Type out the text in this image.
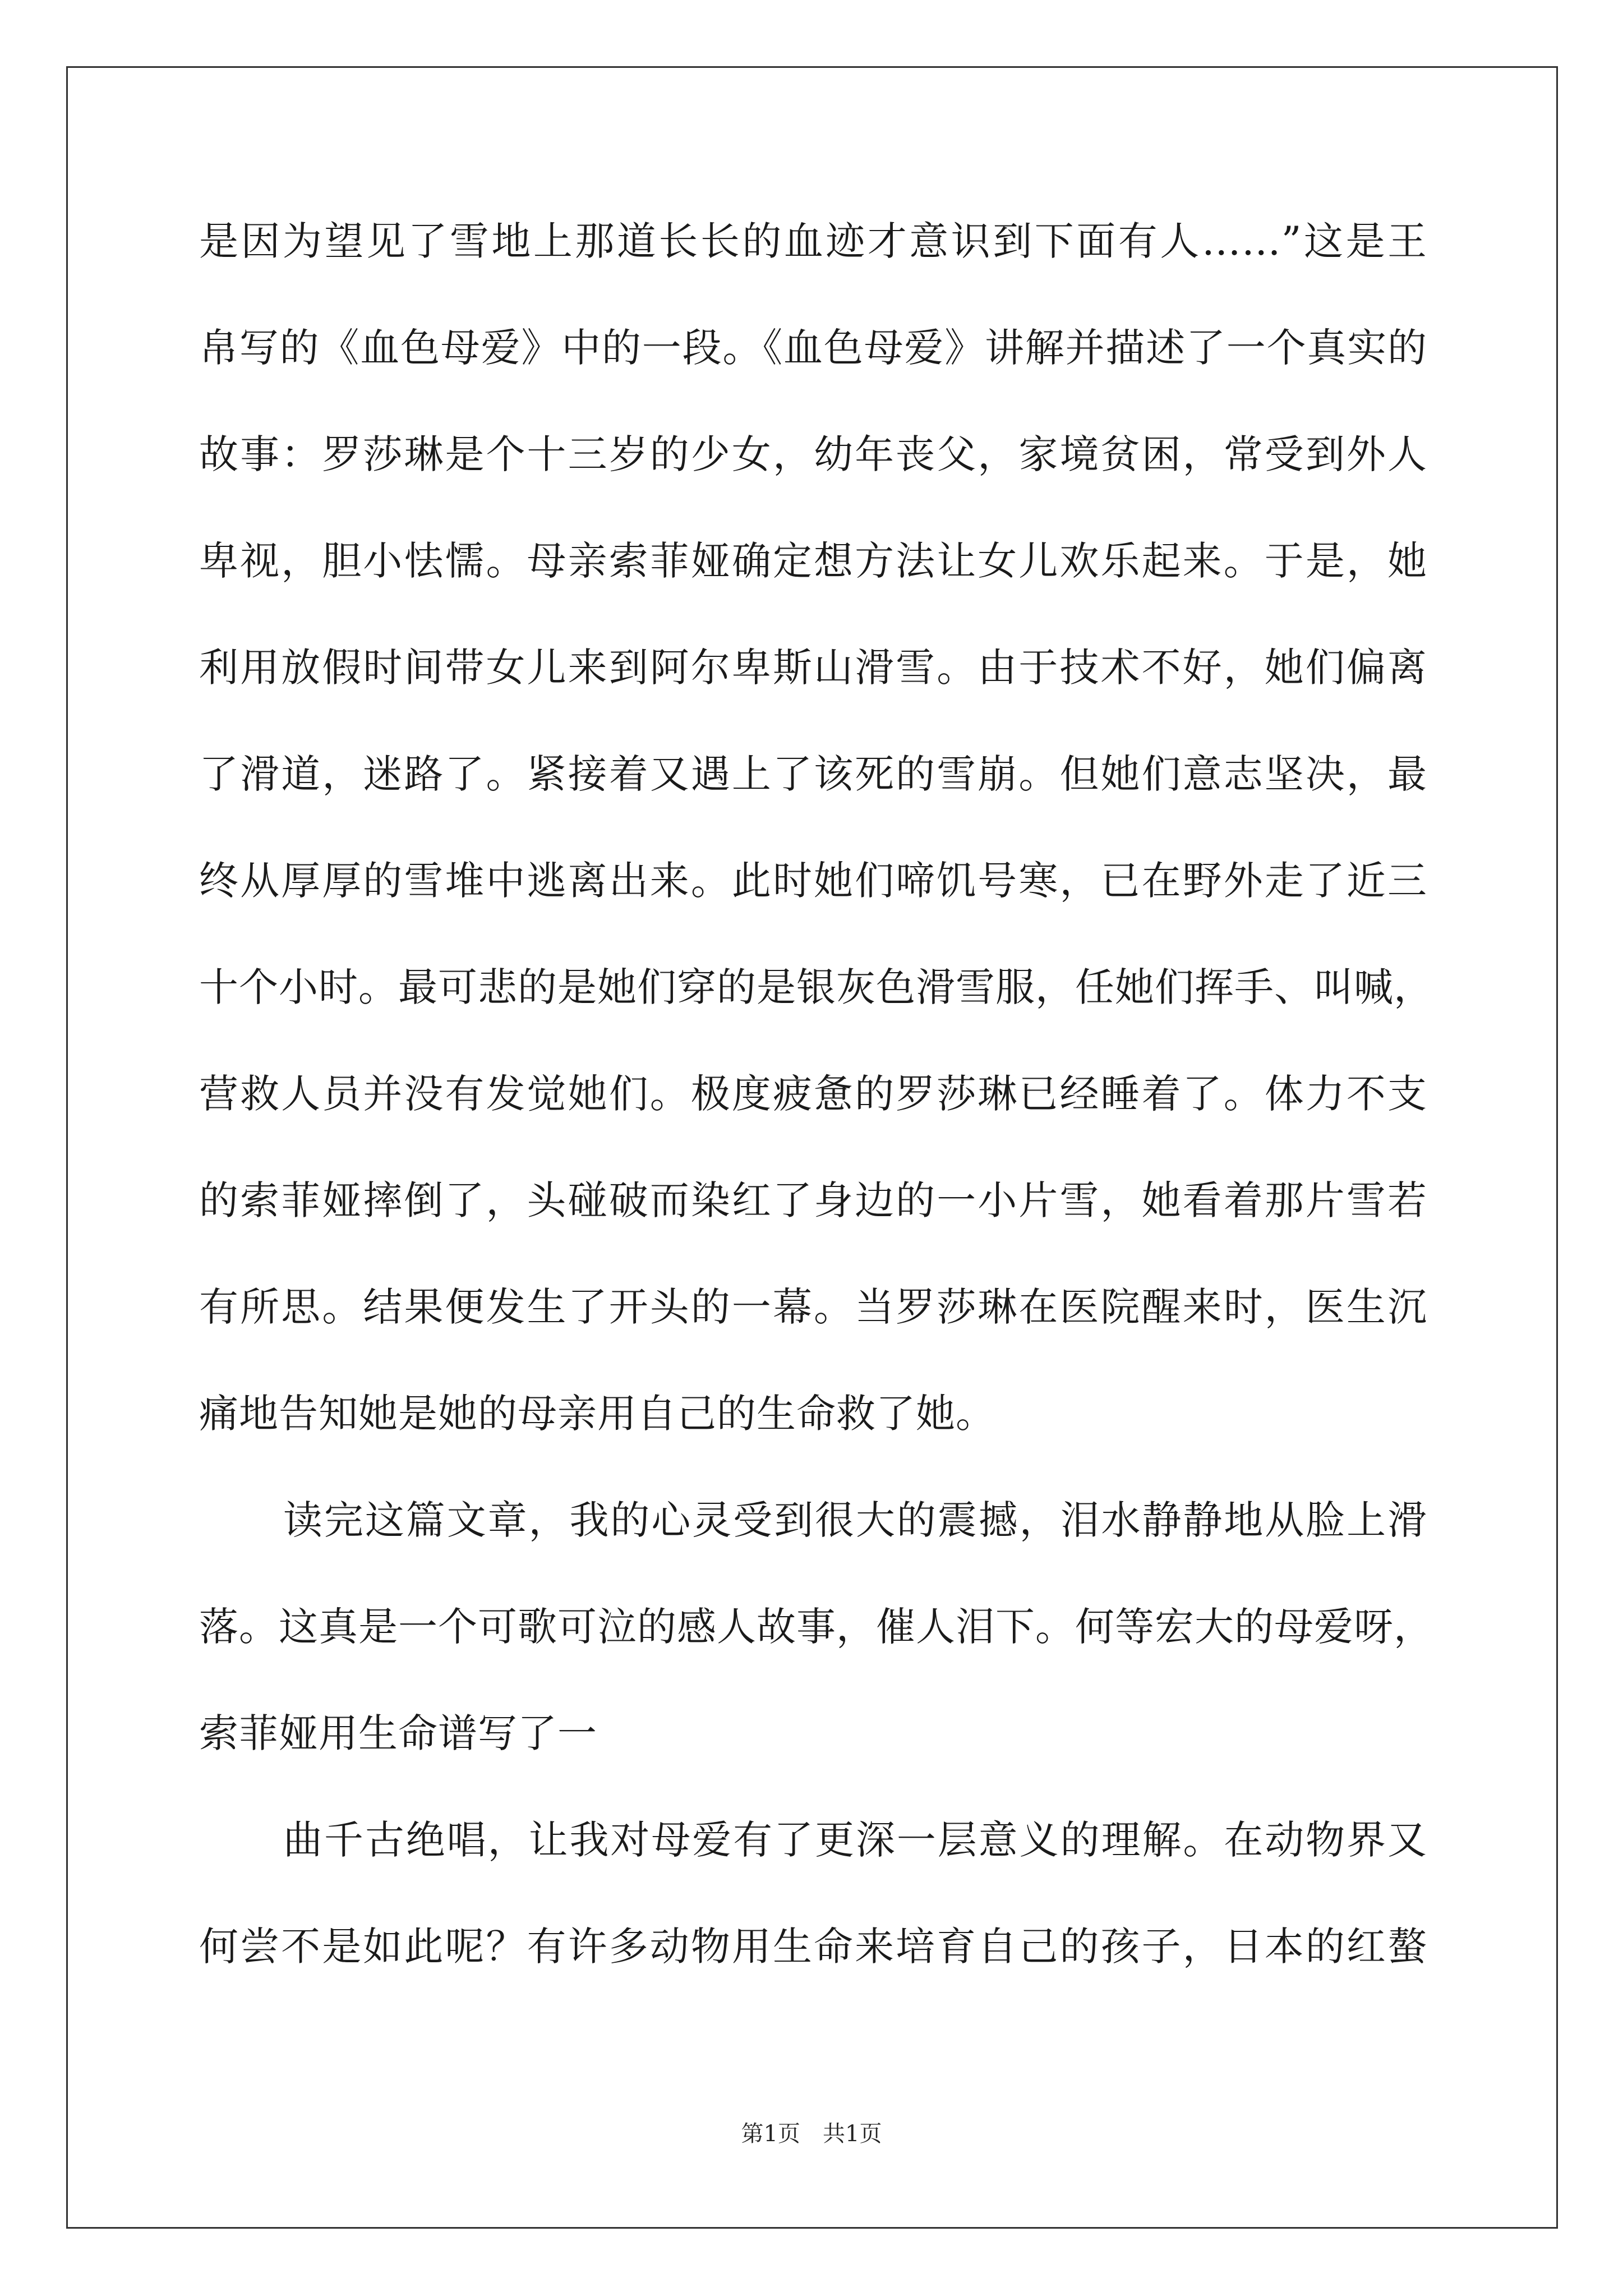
是因为望见了雪地上那道长长的血迹才意识到下面有人……”这是王
帛写的《血色母爱》中的一段。《血色母爱》讲解并描述了一个真实的
故事：罗莎琳是个十三岁的少女，幼年丧父，家境贫困，常受到外人
卑视，胆小怯懦。母亲索菲娅确定想方法让女儿欢乐起来。于是，她
利用放假时间带女儿来到阿尔卑斯山滑雪。由于技术不好，她们偏离
了滑道，迷路了。紧接着又遇上了该死的雪崩。但她们意志坚决，最
终从厚厚的雪堆中逃离出来。此时她们啼饥号寒，已在野外走了近三
十个小时。最可悲的是她们穿的是银灰色滑雪服，任她们挥手、叫喊，
营救人员并没有发觉她们。极度疲惫的罗莎琳已经睡着了。体力不支
的索菲娅摔倒了，头碰破而染红了身边的一小片雪，她看着那片雪若
有所思。结果便发生了开头的一幕。当罗莎琳在医院醒来时，医生沉
痛地告知她是她的母亲用自己的生命救了她。
读完这篇文章，我的心灵受到很大的震撼，泪水静静地从脸上滑
落。这真是一个可歌可泣的感人故事，催人泪下。何等宏大的母爱呀，
索菲娅用生命谱写了一
曲千古绝唱，让我对母爱有了更深一层意义的理解。在动物界又
何尝不是如此呢？有许多动物用生命来培育自己的孩子，日本的红螯
第1页　共1页
